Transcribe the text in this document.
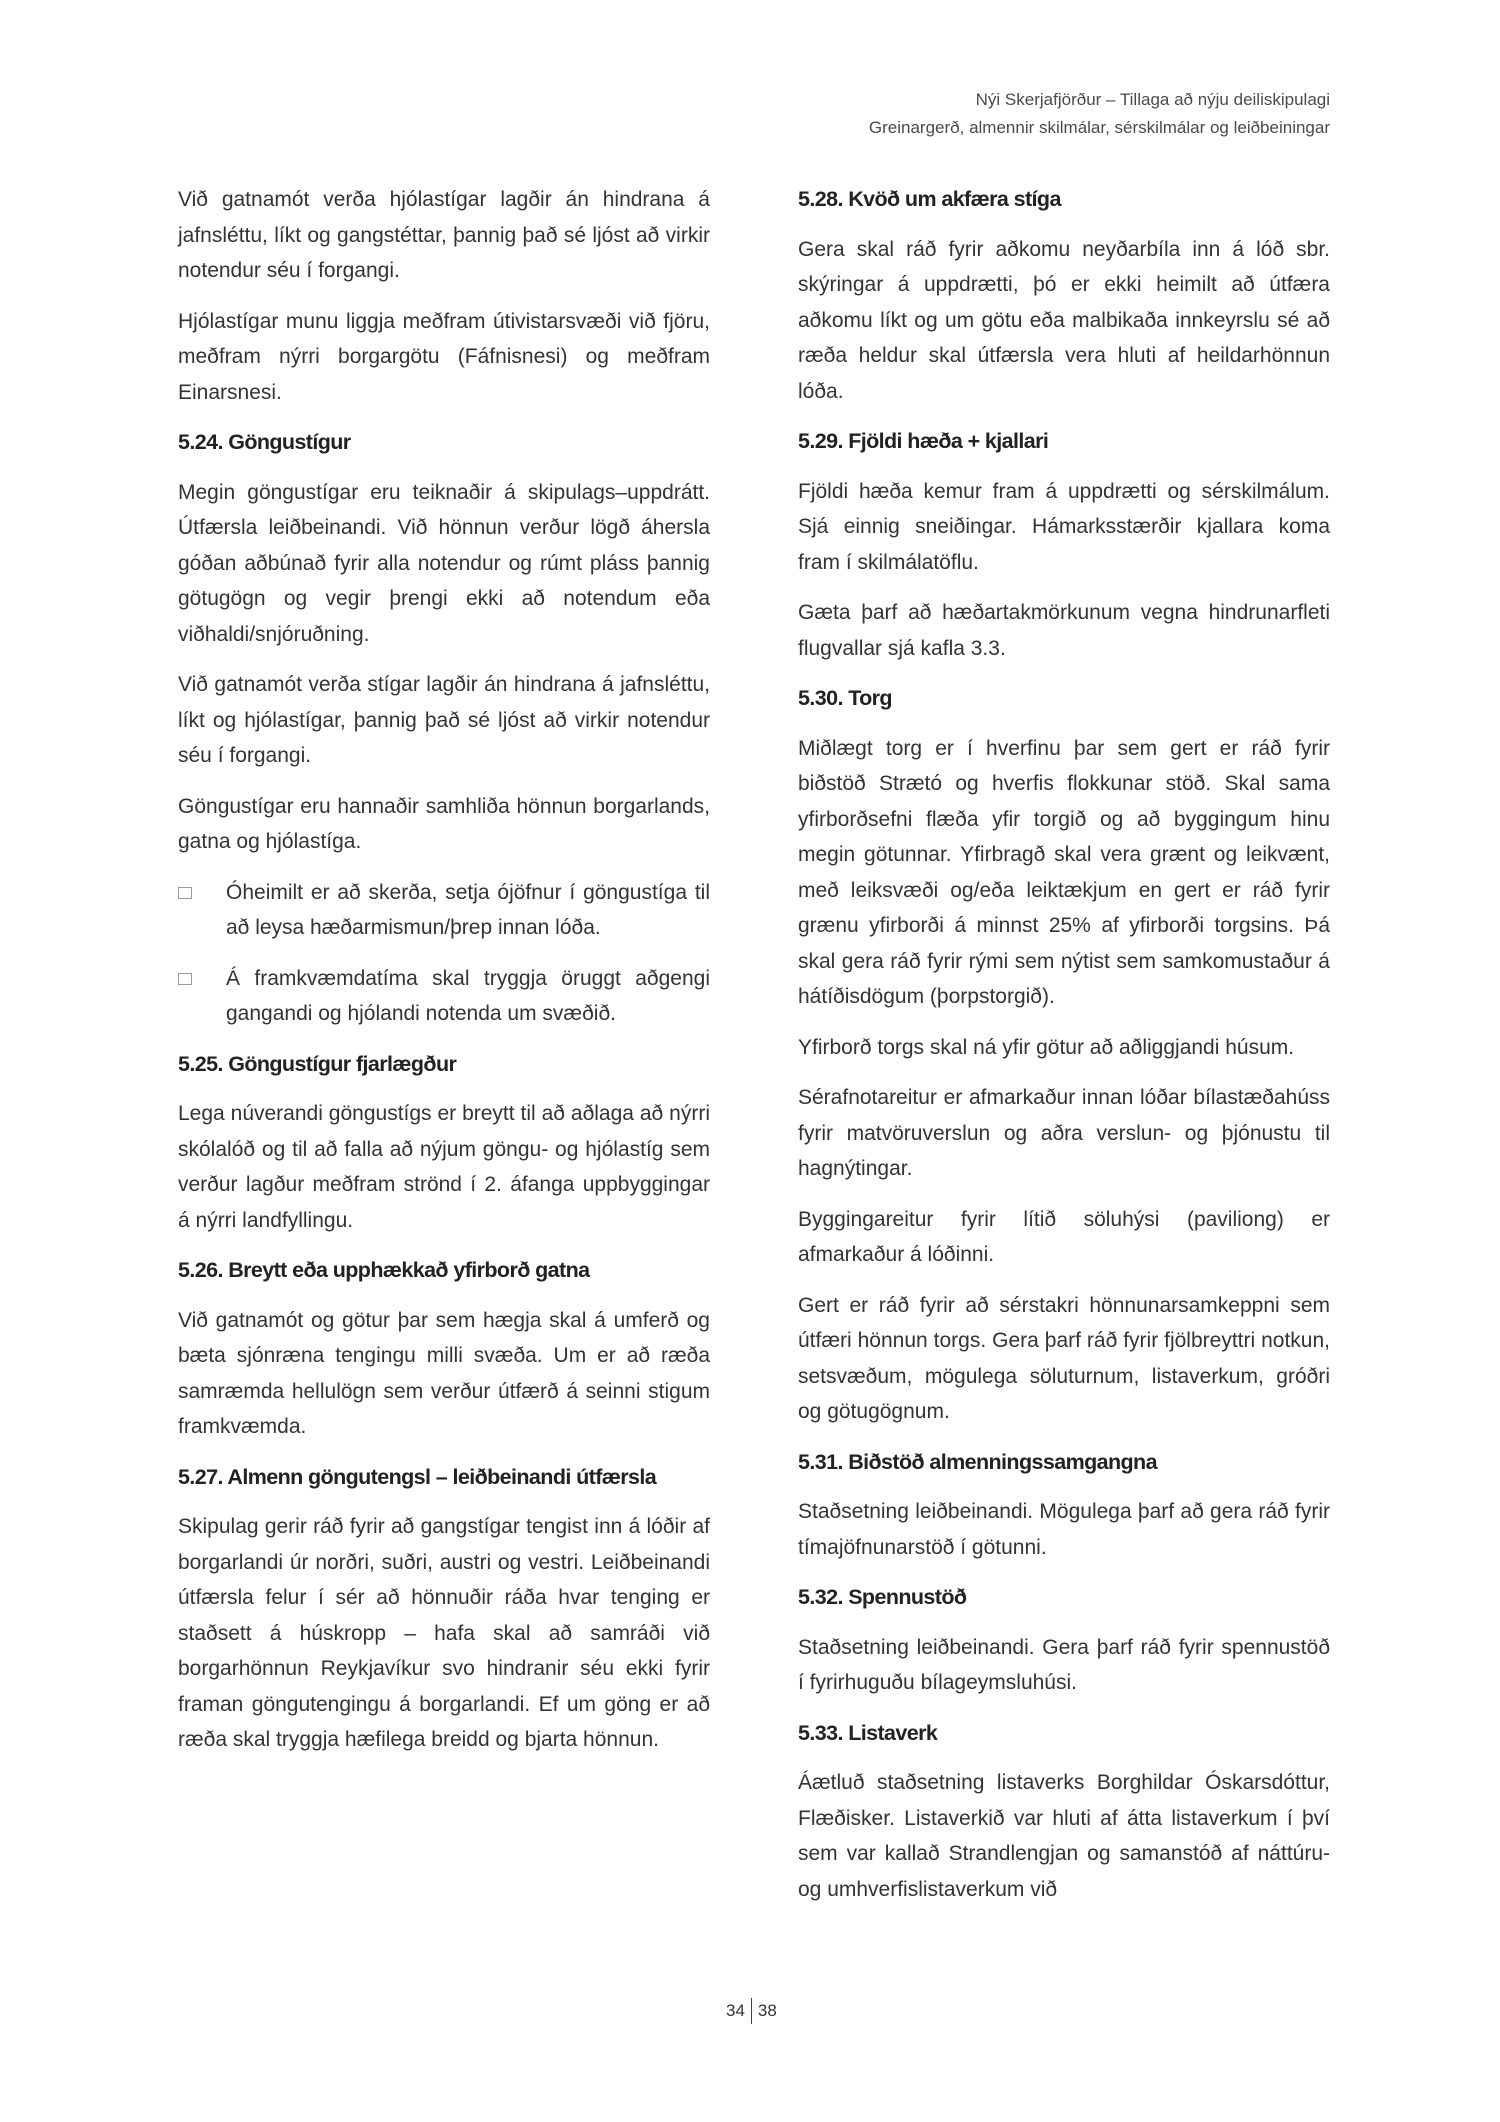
Nýi Skerjafjörður – Tillaga að nýju deiliskipulagi
Greinargerð, almennir skilmálar, sérskilmálar og leiðbeiningar

Við gatnamót verða hjólastígar lagðir án hindrana á jafnsléttu, líkt og gangstéttar, þannig það sé ljóst að virkir notendur séu í forgangi.

Hjólastígar munu liggja meðfram útivistarsvæði við fjöru, meðfram nýrri borgargötu (Fáfnisnesi) og meðfram Einarsnesi.

5.24. Göngustígur

Megin göngustígar eru teiknaðir á skipulags–uppdrátt. Útfærsla leiðbeinandi. Við hönnun verður lögð áhersla góðan aðbúnað fyrir alla notendur og rúmt pláss þannig götugögn og vegir þrengi ekki að notendum eða viðhaldi/snjóruðning.

Við gatnamót verða stígar lagðir án hindrana á jafnsléttu, líkt og hjólastígar, þannig það sé ljóst að virkir notendur séu í forgangi.

Göngustígar eru hannaðir samhliða hönnun borgarlands, gatna og hjólastíga.

Óheimilt er að skerða, setja ójöfnur í göngustíga til að leysa hæðarmismun/þrep innan lóða.

Á framkvæmdatíma skal tryggja öruggt aðgengi gangandi og hjólandi notenda um svæðið.

5.25. Göngustígur fjarlægður

Lega núverandi göngustígs er breytt til að aðlaga að nýrri skólalóð og til að falla að nýjum göngu- og hjólastíg sem verður lagður meðfram strönd í 2. áfanga uppbyggingar á nýrri landfyllingu.

5.26. Breytt eða upphækkað yfirborð gatna

Við gatnamót og götur þar sem hægja skal á umferð og bæta sjónræna tengingu milli svæða. Um er að ræða samræmda hellulögn sem verður útfærð á seinni stigum framkvæmda.

5.27. Almenn göngutengsl – leiðbeinandi útfærsla

Skipulag gerir ráð fyrir að gangstígar tengist inn á lóðir af borgarlandi úr norðri, suðri, austri og vestri. Leiðbeinandi útfærsla felur í sér að hönnuðir ráða hvar tenging er staðsett á húskropp – hafa skal að samráði við borgarhönnun Reykjavíkur svo hindranir séu ekki fyrir framan göngutengingu á borgarlandi. Ef um göng er að ræða skal tryggja hæfilega breidd og bjarta hönnun.

5.28. Kvöð um akfæra stíga

Gera skal ráð fyrir aðkomu neyðarbíla inn á lóð sbr. skýringar á uppdrætti, þó er ekki heimilt að útfæra aðkomu líkt og um götu eða malbikaða innkeyrslu sé að ræða heldur skal útfærsla vera hluti af heildarhönnun lóða.

5.29. Fjöldi hæða + kjallari

Fjöldi hæða kemur fram á uppdrætti og sérskilmálum. Sjá einnig sneiðingar. Hámarksstærðir kjallara koma fram í skilmálatöflu.

Gæta þarf að hæðartakmörkunum vegna hindrunarfleti flugvallar sjá kafla 3.3.

5.30. Torg

Miðlægt torg er í hverfinu þar sem gert er ráð fyrir biðstöð Strætó og hverfis flokkunar stöð. Skal sama yfirborðsefni flæða yfir torgið og að byggingum hinu megin götunnar. Yfirbragð skal vera grænt og leikvænt, með leiksvæði og/eða leiktækjum en gert er ráð fyrir grænu yfirborði á minnst 25% af yfirborði torgsins. Þá skal gera ráð fyrir rými sem nýtist sem samkomustaður á hátíðisdögum (þorpstorgið).

Yfirborð torgs skal ná yfir götur að aðliggjandi húsum.

Sérafnotareitur er afmarkaður innan lóðar bílastæðahúss fyrir matvöruverslun og aðra verslun- og þjónustu til hagnýtingar.

Byggingareitur fyrir lítið söluhýsi (paviliong) er afmarkaður á lóðinni.

Gert er ráð fyrir að sérstakri hönnunarsamkeppni sem útfæri hönnun torgs. Gera þarf ráð fyrir fjölbreyttri notkun, setsvæðum, mögulega söluturnum, listaverkum, gróðri og götugögnum.

5.31. Biðstöð almenningssamgangna

Staðsetning leiðbeinandi. Mögulega þarf að gera ráð fyrir tímajöfnunarstöð í götunni.

5.32. Spennustöð

Staðsetning leiðbeinandi. Gera þarf ráð fyrir spennustöð í fyrirhuguðu bílageymsluhúsi.

5.33. Listaverk

Áætluð staðsetning listaverks Borghildar Óskarsdóttur, Flæðisker. Listaverkið var hluti af átta listaverkum í því sem var kallað Strandlengjan og samanstóð af náttúru- og umhverfislistaverkum við

34 38
